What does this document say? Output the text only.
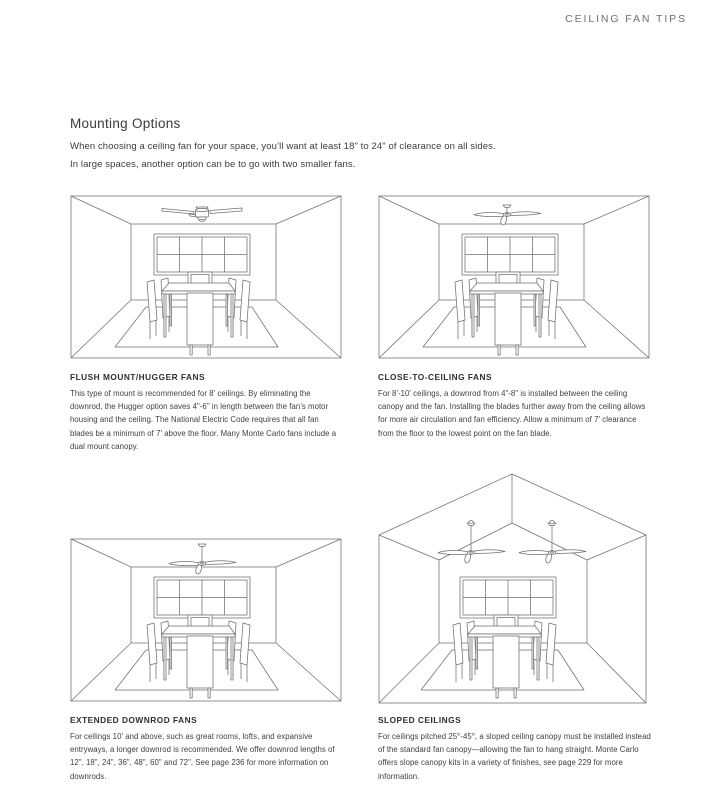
CEILING FAN TIPS
Mounting Options

When choosing a ceiling fan for your space, you’ll want at least 18" to 24" of clearance on all sides.
In large spaces, another option can be to go with two smaller fans.

FLUSH MOUNT/HUGGER FANS

This type of mount is recommended for 8' ceilings. By eliminating the downrod, the Hugger option saves 4"-6" in length between the fan’s motor housing and the ceiling. The National Electric Code requires that all fan blades be a minimum of 7' above the floor. Many Monte Carlo fans include a dual mount canopy.

CLOSE-TO-CEILING FANS

For 8'-10' ceilings, a downrod from 4"-8" is installed between the ceiling canopy and the fan. Installing the blades further away from the ceiling allows for more air circulation and fan efficiency. Allow a minimum of 7' clearance from the floor to the lowest point on the fan blade.

EXTENDED DOWNROD FANS

For ceilings 10' and above, such as great rooms, lofts, and expansive entryways, a longer downrod is recommended. We offer downrod lengths of 12", 18", 24", 36", 48", 60" and 72". See page 236 for more information on downrods.

SLOPED CEILINGS

For ceilings pitched 25°-45°, a sloped ceiling canopy must be installed instead of the standard fan canopy—allowing the fan to hang straight. Monte Carlo offers slope canopy kits in a variety of finishes, see page 229 for more information.
